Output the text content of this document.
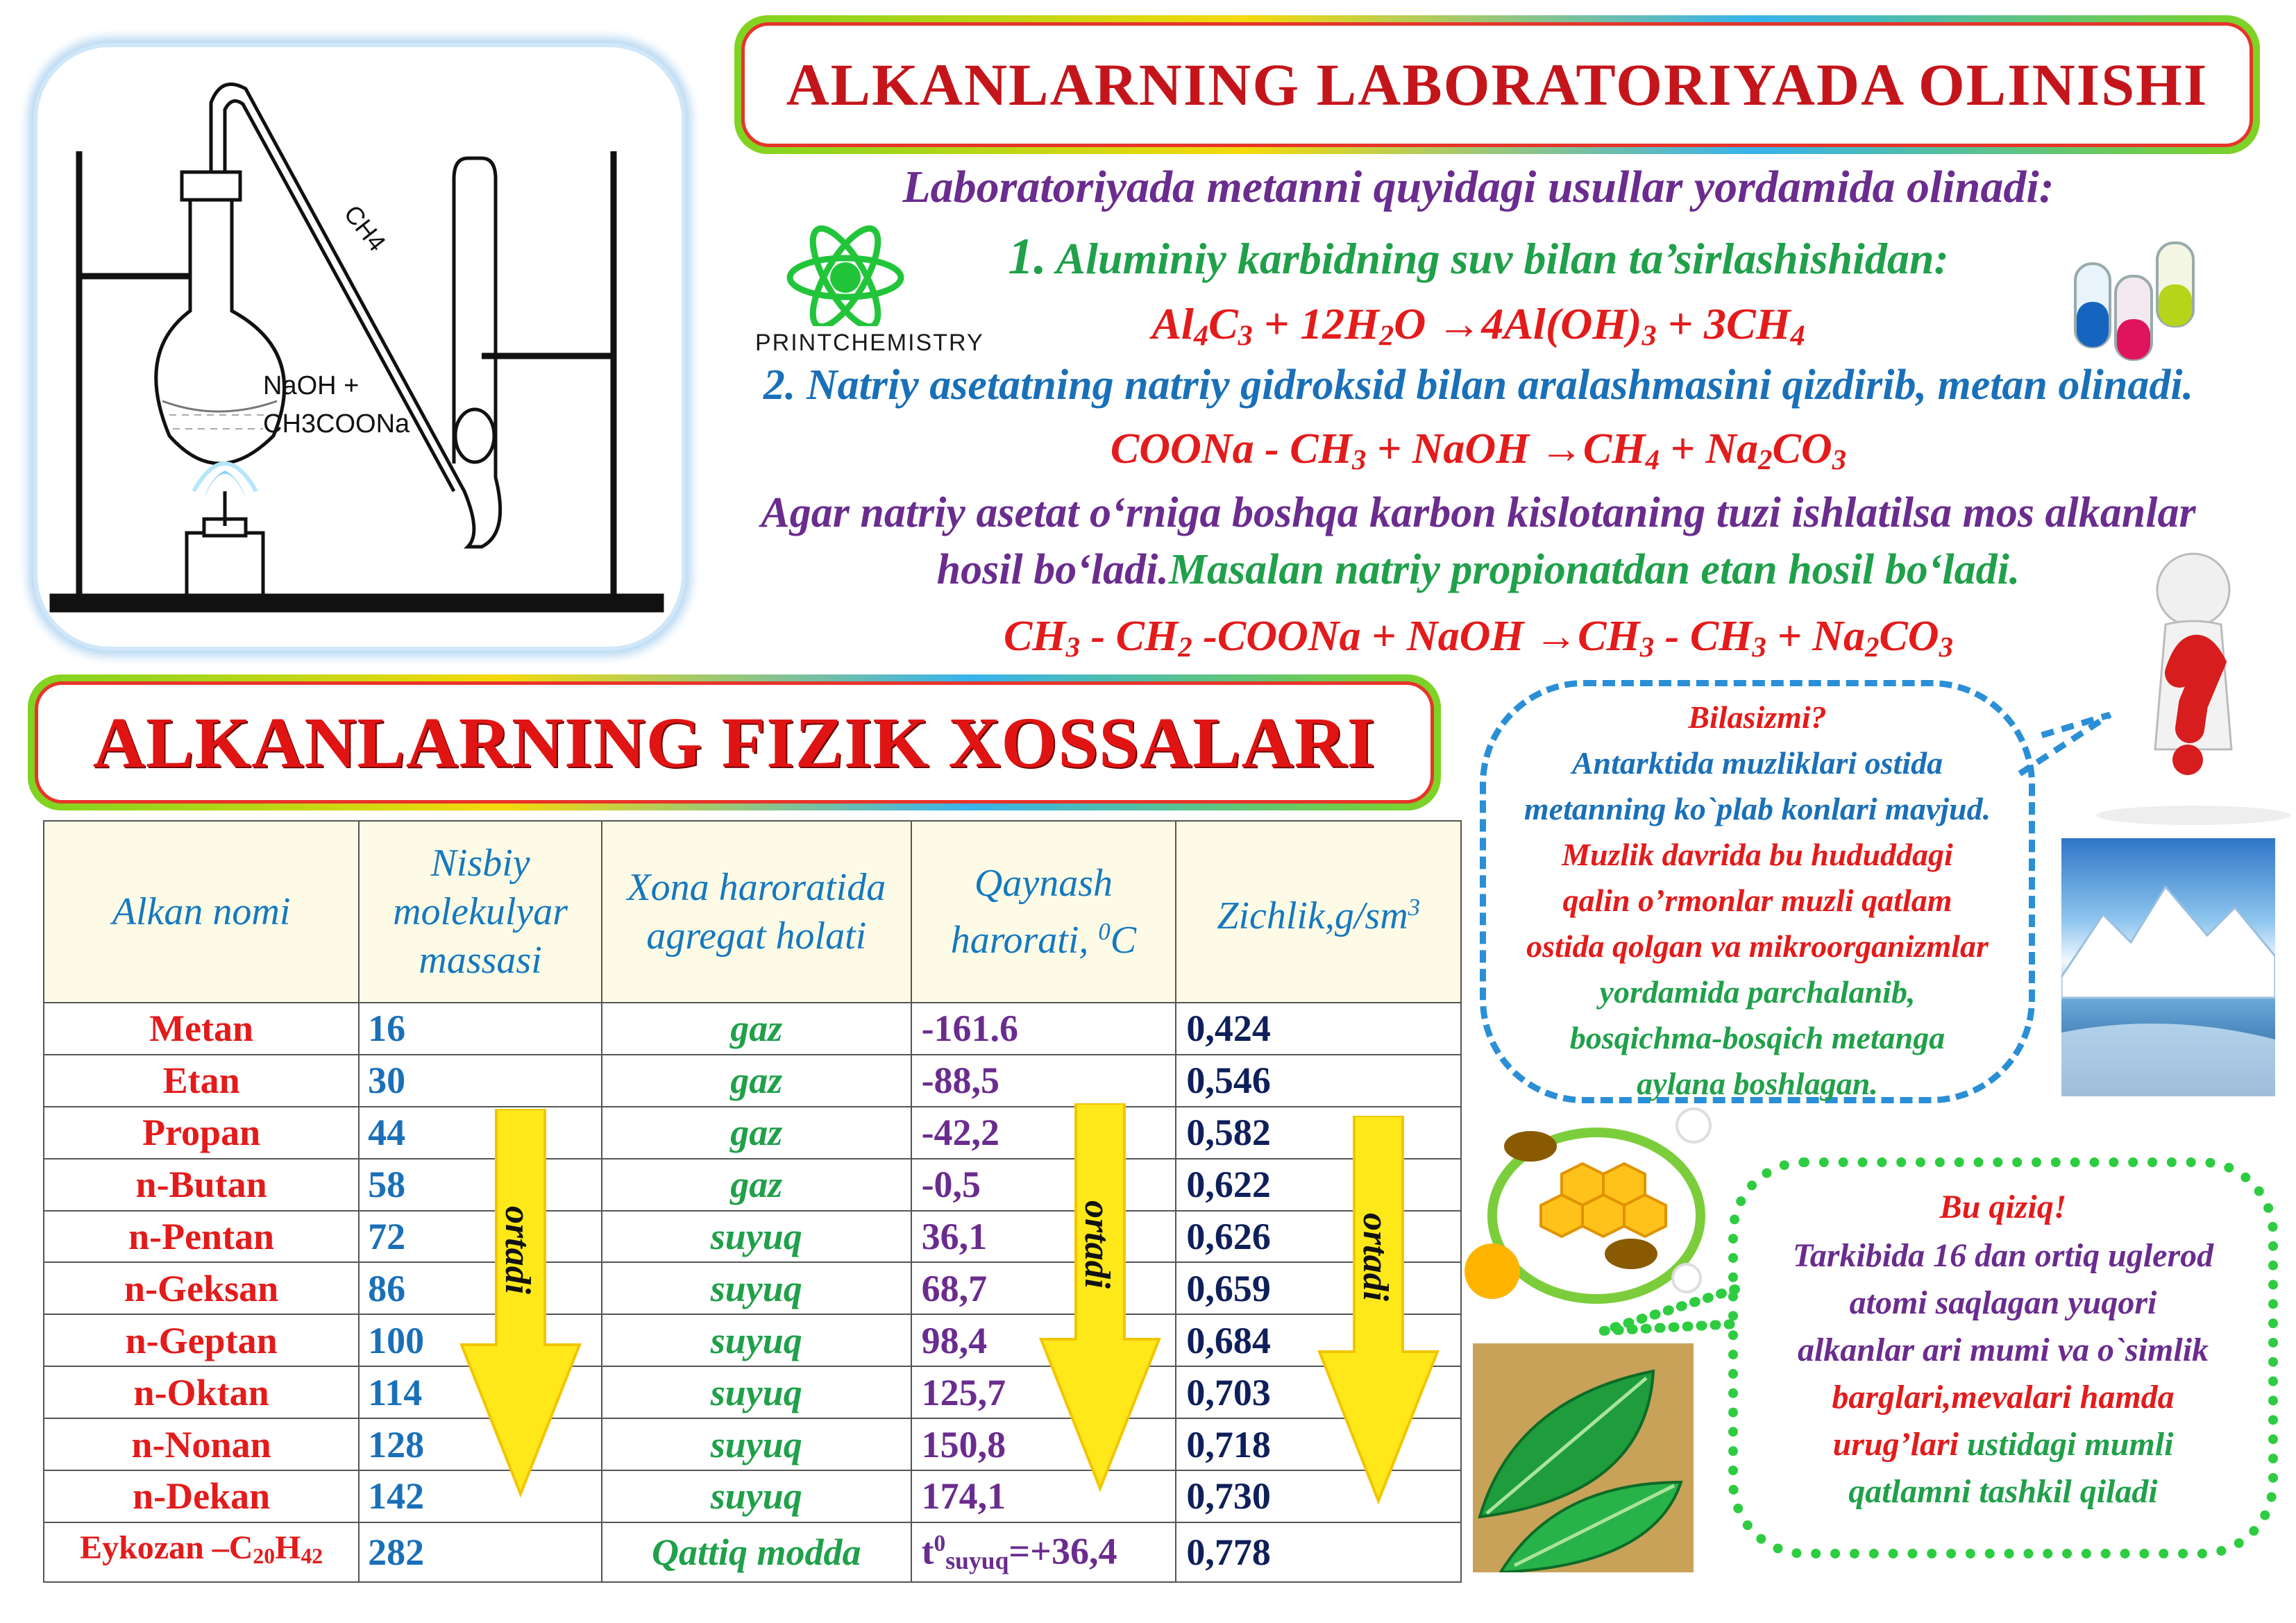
CH4
NaOH +
CH3COONa
ALKANLARNING LABORATORIYADA OLINISHI
PRINTCHEMISTRY
Laboratoriyada metanni quyidagi usullar yordamida olinadi:
1. Aluminiy karbidning suv bilan ta’sirlashishidan:
$Al_4C_3 + 12H_2O \to 4Al(OH)_3 + 3CH_4$
2. Natriy asetatning natriy gidroksid bilan aralashmasini qizdirib, metan olinadi.
COONa - $CH_3$ + NaOH $\to CH_4 + Na_2CO_3$
Agar natriy asetat o‘rniga boshqa karbon kislotaning tuzi ishlatilsa mos alkanlar
hosil bo‘ladi.Masalan natriy propionatdan etan hosil bo‘ladi.
$CH_3 - CH_2$ -COONa + NaOH $\to CH_3 - CH_3 + Na_2CO_3$
ALKANLARNING FIZIK XOSSALARI
Alkan nomi	Nisbiy molekulyar massasi	Xona haroratida agregat holati	Qaynash
harorati, $^0$C	$Zichlik,g/sm^3$
Metan	16	gaz	-161.6	0,424
Etan	30	gaz	-88,5	0,546
Propan	44	gaz	-42,2	0,582
n-Butan	58	gaz	-0,5	0,622
n-Pentan	72	suyuq	36,1	0,626
n-Geksan	86	suyuq	68,7	0,659
n-Geptan	100	suyuq	98,4	0,684
n-Oktan	114	suyuq	125,7	0,703
n-Nonan	128	suyuq	150,8	0,718
n-Dekan	142	suyuq	174,1	0,730
Eykozan $-C_{20}H_{42}$	282	Qattiq modda	$t^0_{suyuq}=+36,4$	0,778
ortadi	ortadi	ortadi
Bilasizmi?
Antarktida muzliklari ostida
metanning ko`plab konlari mavjud.
Muzlik davrida bu hududdagi
qalin o’rmonlar muzli qatlam
ostida qolgan va mikroorganizmlar
yordamida parchalanib,
bosqichma-bosqich metanga
aylana boshlagan.
Bu qiziq!
Tarkibida 16 dan ortiq uglerod
atomi saqlagan yuqori
alkanlar ari mumi va o`simlik
barglari,mevalari hamda
urug’lari ustidagi mumli
qatlamni tashkil qiladi
